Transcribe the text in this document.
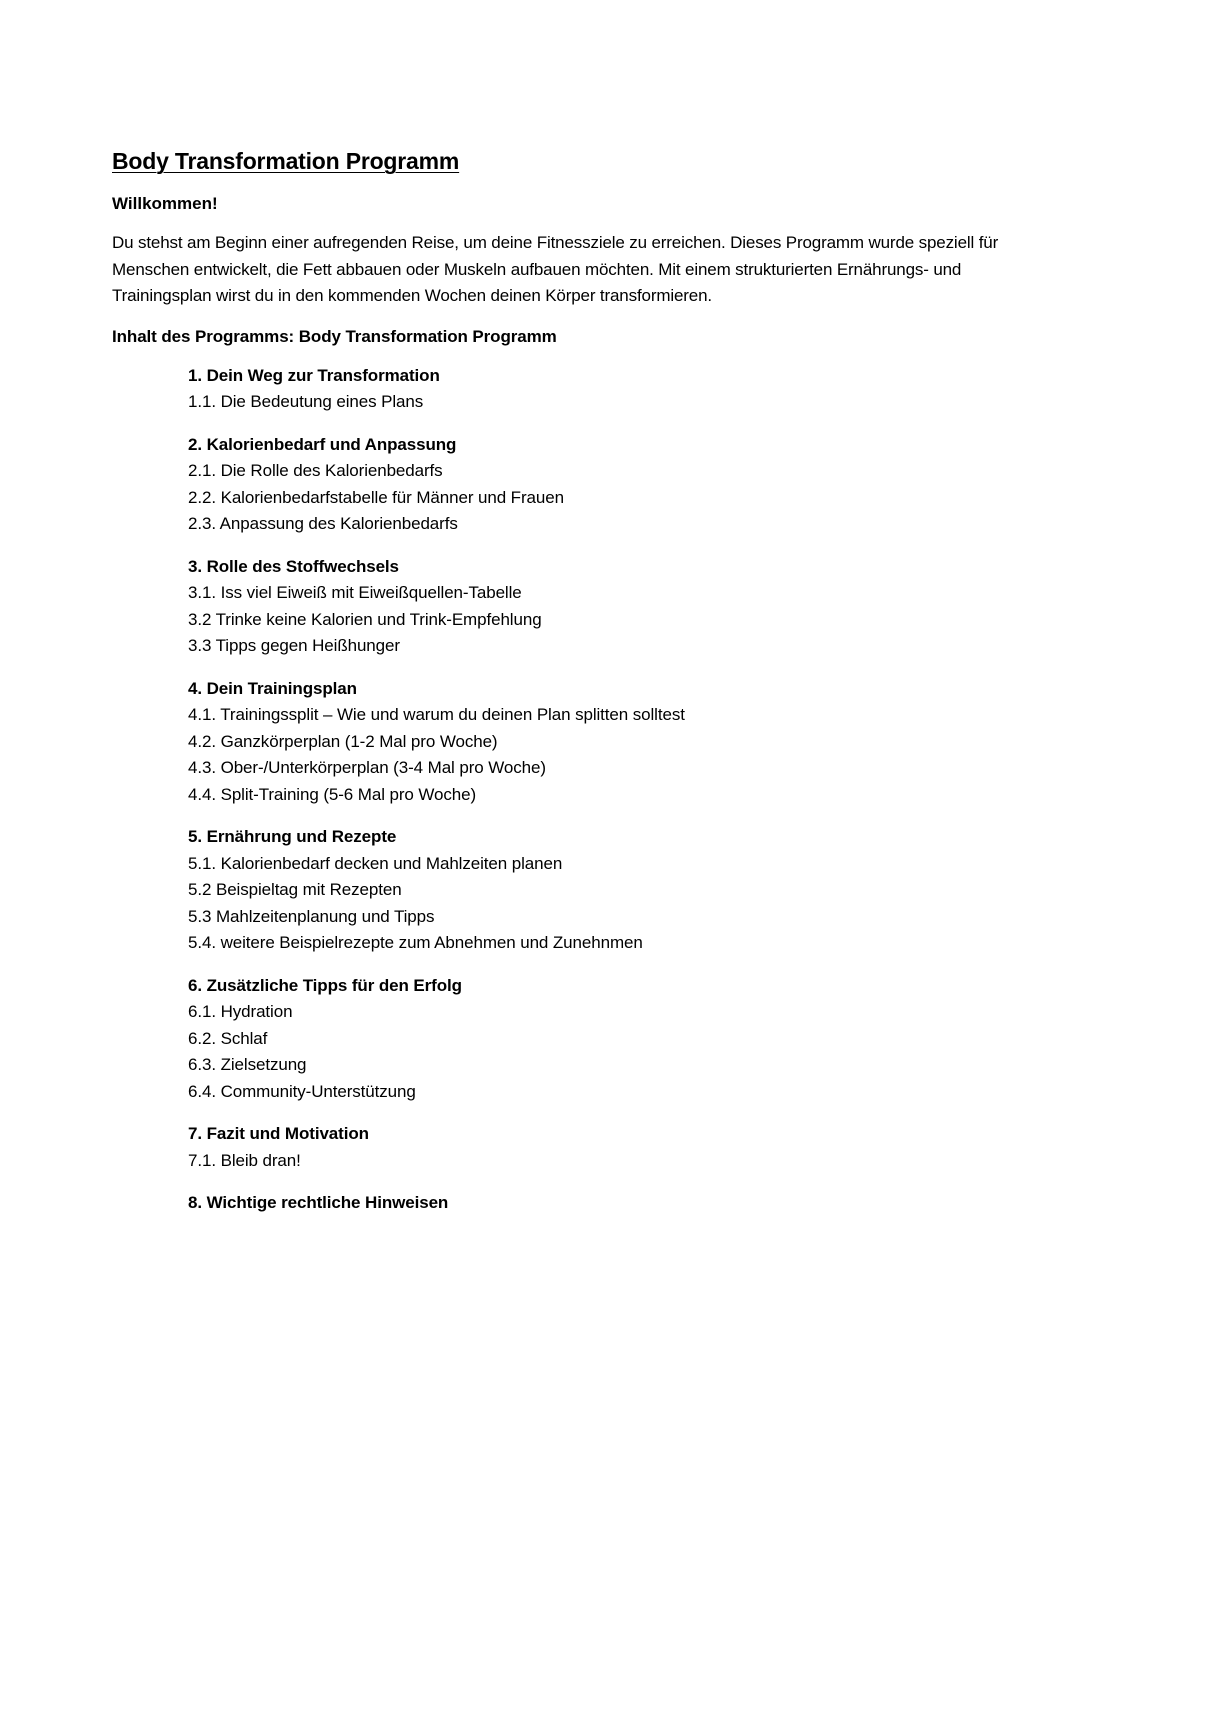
Body Transformation Programm
Willkommen!
Du stehst am Beginn einer aufregenden Reise, um deine Fitnessziele zu erreichen. Dieses Programm wurde speziell für
Menschen entwickelt, die Fett abbauen oder Muskeln aufbauen möchten. Mit einem strukturierten Ernährungs- und
Trainingsplan wirst du in den kommenden Wochen deinen Körper transformieren.
Inhalt des Programms: Body Transformation Programm
1. Dein Weg zur Transformation
1.1. Die Bedeutung eines Plans
2. Kalorienbedarf und Anpassung
2.1. Die Rolle des Kalorienbedarfs
2.2. Kalorienbedarfstabelle für Männer und Frauen
2.3. Anpassung des Kalorienbedarfs
3. Rolle des Stoffwechsels
3.1. Iss viel Eiweiß mit Eiweißquellen-Tabelle
3.2 Trinke keine Kalorien und Trink-Empfehlung
3.3 Tipps gegen Heißhunger
4. Dein Trainingsplan
4.1. Trainingssplit – Wie und warum du deinen Plan splitten solltest
4.2. Ganzkörperplan (1-2 Mal pro Woche)
4.3. Ober-/Unterkörperplan (3-4 Mal pro Woche)
4.4. Split-Training (5-6 Mal pro Woche)
5. Ernährung und Rezepte
5.1. Kalorienbedarf decken und Mahlzeiten planen
5.2 Beispieltag mit Rezepten
5.3 Mahlzeitenplanung und Tipps
5.4. weitere Beispielrezepte zum Abnehmen und Zunehnmen
6. Zusätzliche Tipps für den Erfolg
6.1. Hydration
6.2. Schlaf
6.3. Zielsetzung
6.4. Community-Unterstützung
7. Fazit und Motivation
7.1. Bleib dran!
8. Wichtige rechtliche Hinweisen
